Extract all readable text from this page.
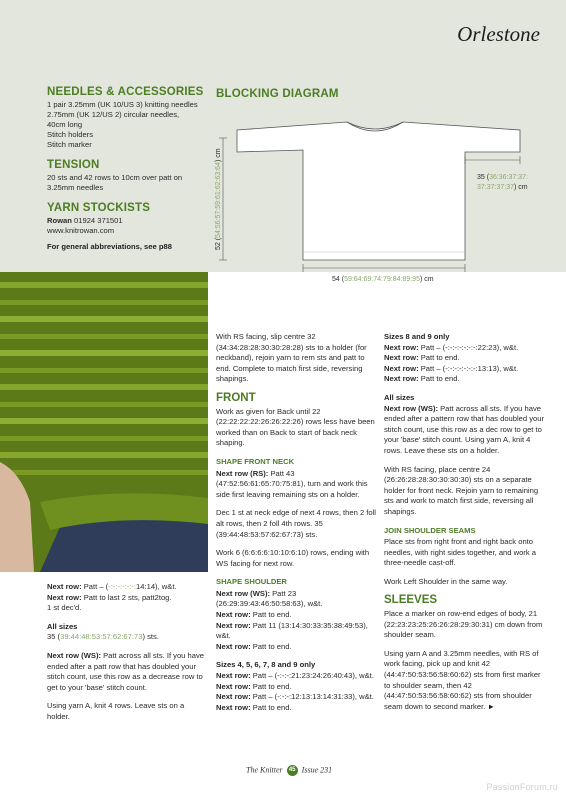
Orlestone
NEEDLES & ACCESSORIES
1 pair 3.25mm (UK 10/US 3) knitting needles
2.75mm (UK 12/US 2) circular needles,
40cm long
Stitch holders
Stitch marker
TENSION
20 sts and 42 rows to 10cm over patt on
3.25mm needles
YARN STOCKISTS
Rowan 01924 371501
www.knitrowan.com
For general abbreviations, see p88
BLOCKING DIAGRAM
52 (54:56:57:59:61:62:63:64) cm
54 (59:64:69:74:79:84:89:95) cm
35 (36:36:37:37:
37:37:37:37) cm

Next row: Patt – (-:-:-:-:-:-:14:14), w&t.
Next row: Patt to last 2 sts, patt2tog.
1 st dec'd.

All sizes
35 (39:44:48:53:57:62:67:73) sts.

Next row (WS): Patt across all sts. If you have ended after a patt row that has doubled your stitch count, use this row as a decrease row to get to your 'base' stitch count.

Using yarn A, knit 4 rows. Leave sts on a holder.

With RS facing, slip centre 32 (34:34:28:28:30:30:28:28) sts to a holder (for neckband), rejoin yarn to rem sts and patt to end. Complete to match first side, reversing shapings.

FRONT

Work as given for Back until 22 (22:22:22:22:26:26:22:26) rows less have been worked than on Back to start of back neck shaping.

SHAPE FRONT NECK

Next row (RS): Patt 43 (47:52:56:61:65:70:75:81), turn and work this side first leaving remaining sts on a holder.

Dec 1 st at neck edge of next 4 rows, then 2 foll alt rows, then 2 foll 4th rows. 35 (39:44:48:53:57:62:67:73) sts.

Work 6 (6:6:6:6:10:10:6:10) rows, ending with WS facing for next row.

SHAPE SHOULDER

Next row (WS): Patt 23 (26:29:39:43:46:50:58:63), w&t.
Next row: Patt to end.
Next row: Patt 11 (13:14:30:33:35:38:49:53), w&t.
Next row: Patt to end.

Sizes 4, 5, 6, 7, 8 and 9 only

Next row: Patt – (-:-:-:21:23:24:26:40:43), w&t.
Next row: Patt to end.
Next row: Patt – (-:-:-:12:13:13:14:31:33), w&t.
Next row: Patt to end.

Sizes 8 and 9 only

Next row: Patt – (-:-:-:-:-:-:-:22:23), w&t.
Next row: Patt to end.
Next row: Patt – (-:-:-:-:-:-:-:13:13), w&t.
Next row: Patt to end.

All sizes

Next row (WS): Patt across all sts. If you have ended after a pattern row that has doubled your stitch count, use this row as a dec row to get to your 'base' stitch count. Using yarn A, knit 4 rows. Leave these sts on a holder.

With RS facing, place centre 24 (26:26:28:28:30:30:30:30) sts on a separate holder for front neck. Rejoin yarn to remaining sts and work to match first side, reversing all shapings.

JOIN SHOULDER SEAMS

Place sts from right front and right back onto needles, with right sides together, and work a three-needle cast-off.

Work Left Shoulder in the same way.

SLEEVES

Place a marker on row-end edges of body, 21 (22:23:23:25:26:26:28:29:30:31) cm down from shoulder seam.

Using yarn A and 3.25mm needles, with RS of work facing, pick up and knit 42 (44:47:50:53:56:58:60:62) sts from first marker to shoulder seam, then 42 (44:47:50:53:56:58:60:62) sts from shoulder seam down to second marker. ►

The Knitter 45 Issue 231
PassionForum.ru
